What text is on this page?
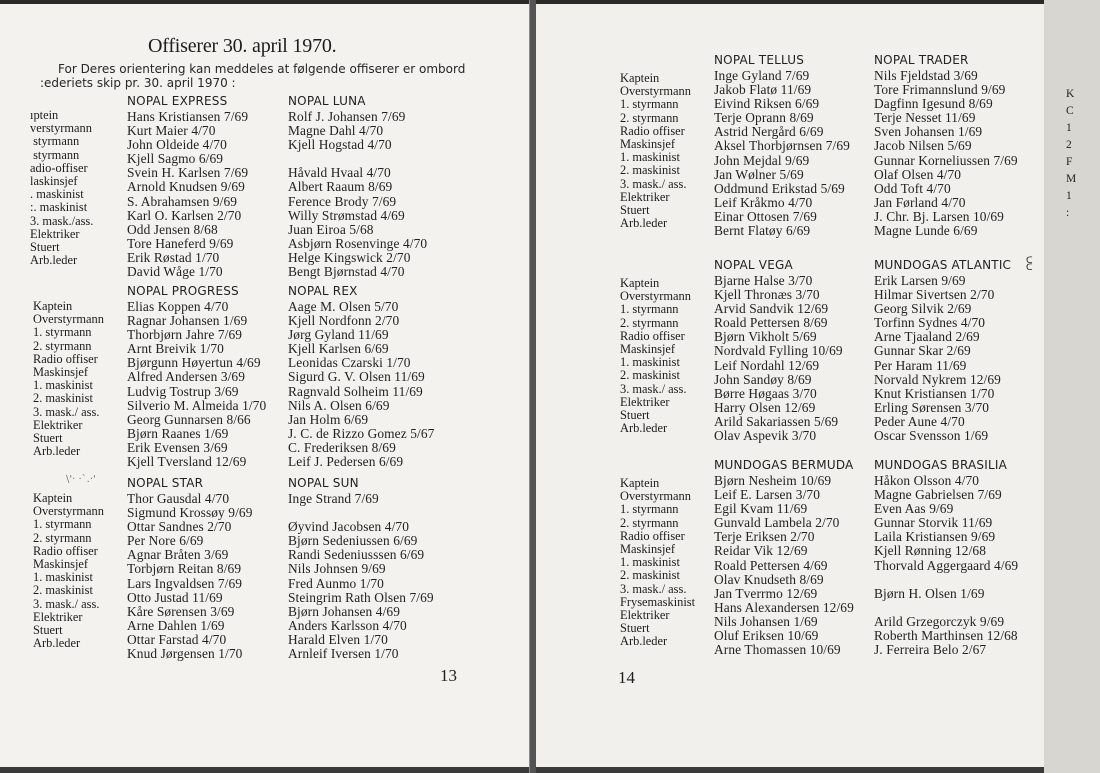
Offiserer 30. april 1970.
For Deres orientering kan meddeles at følgende offiserer er ombord
:ederiets skip pr. 30. april 1970 :
ıptein
verstyrmann
styrmann
styrmann
adio-offiser
laskinsjef
. maskinist
:. maskinist
3. mask./ass.
Elektriker
Stuert
Arb.leder
NOPAL EXPRESS
Hans Kristiansen 7/69
Kurt Maier 4/70
John Oldeide 4/70
Kjell Sagmo 6/69
Svein H. Karlsen 7/69
Arnold Knudsen 9/69
S. Abrahamsen 9/69
Karl O. Karlsen 2/70
Odd Jensen 8/68
Tore Haneferd 9/69
Erik Røstad 1/70
David Wåge 1/70
NOPAL LUNA
Rolf J. Johansen 7/69
Magne Dahl 4/70
Kjell Hogstad 4/70

Håvald Hvaal 4/70
Albert Raaum 8/69
Ference Brody 7/69
Willy Strømstad 4/69
Juan Eiroa 5/68
Asbjørn Rosenvinge 4/70
Helge Kingswick 2/70
Bengt Bjørnstad 4/70
Kaptein
Overstyrmann
1. styrmann
2. styrmann
Radio offiser
Maskinsjef
1. maskinist
2. maskinist
3. mask./ ass.
Elektriker
Stuert
Arb.leder
NOPAL PROGRESS
Elias Koppen 4/70
Ragnar Johansen 1/69
Thorbjørn Jahre 7/69
Arnt Breivik 1/70
Bjørgunn Høyertun 4/69
Alfred Andersen 3/69
Ludvig Tostrup 3/69
Silverio M. Almeida 1/70
Georg Gunnarsen 8/66
Bjørn Raanes 1/69
Erik Evensen 3/69
Kjell Tversland 12/69
NOPAL REX
Aage M. Olsen 5/70
Kjell Nordfonn 2/70
Jørg Gyland 11/69
Kjell Karlsen 6/69
Leonidas Czarski 1/70
Sigurd G. V. Olsen 11/69
Ragnvald Solheim 11/69
Nils A. Olsen 6/69
Jan Holm 6/69
J. C. de Rizzo Gomez 5/67
C. Frederiksen 8/69
Leif J. Pedersen 6/69
\'· ·`.·'
Kaptein
Overstyrmann
1. styrmann
2. styrmann
Radio offiser
Maskinsjef
1. maskinist
2. maskinist
3. mask./ ass.
Elektriker
Stuert
Arb.leder
NOPAL STAR
Thor Gausdal 4/70
Sigmund Krossøy 9/69
Ottar Sandnes 2/70
Per Nore 6/69
Agnar Bråten 3/69
Torbjørn Reitan 8/69
Lars Ingvaldsen 7/69
Otto Justad 11/69
Kåre Sørensen 3/69
Arne Dahlen 1/69
Ottar Farstad 4/70
Knud Jørgensen 1/70
NOPAL SUN
Inge Strand 7/69

Øyvind Jacobsen 4/70
Bjørn Sedeniussen 6/69
Randi Sedeniusssen 6/69
Nils Johnsen 9/69
Fred Aunmo 1/70
Steingrim Rath Olsen 7/69
Bjørn Johansen 4/69
Anders Karlsson 4/70
Harald Elven 1/70
Arnleif Iversen 1/70
13
Kaptein
Overstyrmann
1. styrmann
2. styrmann
Radio offiser
Maskinsjef
1. maskinist
2. maskinist
3. mask./ ass.
Elektriker
Stuert
Arb.leder
NOPAL TELLUS
Inge Gyland 7/69
Jakob Flatø 11/69
Eivind Riksen 6/69
Terje Oprann 8/69
Astrid Nergård 6/69
Aksel Thorbjørnsen 7/69
John Mejdal 9/69
Jan Wølner 5/69
Oddmund Erikstad 5/69
Leif Kråkmo 4/70
Einar Ottosen 7/69
Bernt Flatøy 6/69
NOPAL TRADER
Nils Fjeldstad 3/69
Tore Frimannslund 9/69
Dagfinn Igesund 8/69
Terje Nesset 11/69
Sven Johansen 1/69
Jacob Nilsen 5/69
Gunnar Korneliussen 7/69
Olaf Olsen 4/70
Odd Toft 4/70
Jan Førland 4/70
J. Chr. Bj. Larsen 10/69
Magne Lunde 6/69
Kaptein
Overstyrmann
1. styrmann
2. styrmann
Radio offiser
Maskinsjef
1. maskinist
2. maskinist
3. mask./ ass.
Elektriker
Stuert
Arb.leder
NOPAL VEGA
Bjarne Halse 3/70
Kjell Thronæs 3/70
Arvid Sandvik 12/69
Roald Pettersen 8/69
Bjørn Vikholt 5/69
Nordvald Fylling 10/69
Leif Nordahl 12/69
John Sandøy 8/69
Børre Høgaas 3/70
Harry Olsen 12/69
Arild Sakariassen 5/69
Olav Aspevik 3/70
MUNDOGAS ATLANTIC
Erik Larsen 9/69
Hilmar Sivertsen 2/70
Georg Silvik 2/69
Torfinn Sydnes 4/70
Arne Tjaaland 2/69
Gunnar Skar 2/69
Per Haram 11/69
Norvald Nykrem 12/69
Knut Kristiansen 1/70
Erling Sørensen 3/70
Peder Aune 4/70
Oscar Svensson 1/69
ᑕ
ᑕ
Kaptein
Overstyrmann
1. styrmann
2. styrmann
Radio offiser
Maskinsjef
1. maskinist
2. maskinist
3. mask./ ass.
Frysemaskinist
Elektriker
Stuert
Arb.leder
MUNDOGAS BERMUDA
Bjørn Nesheim 10/69
Leif E. Larsen 3/70
Egil Kvam 11/69
Gunvald Lambela 2/70
Terje Eriksen 2/70
Reidar Vik 12/69
Roald Pettersen 4/69
Olav Knudseth 8/69
Jan Tverrmo 12/69
Hans Alexandersen 12/69
Nils Johansen 1/69
Oluf Eriksen 10/69
Arne Thomassen 10/69
MUNDOGAS BRASILIA
Håkon Olsson 4/70
Magne Gabrielsen 7/69
Even Aas 9/69
Gunnar Storvik 11/69
Laila Kristiansen 9/69
Kjell Rønning 12/68
Thorvald Aggergaard 4/69

Bjørn H. Olsen 1/69

Arild Grzegorczyk 9/69
Roberth Marthinsen 12/68
J. Ferreira Belo 2/67
14
K
C
1
2
F
M
1
:
